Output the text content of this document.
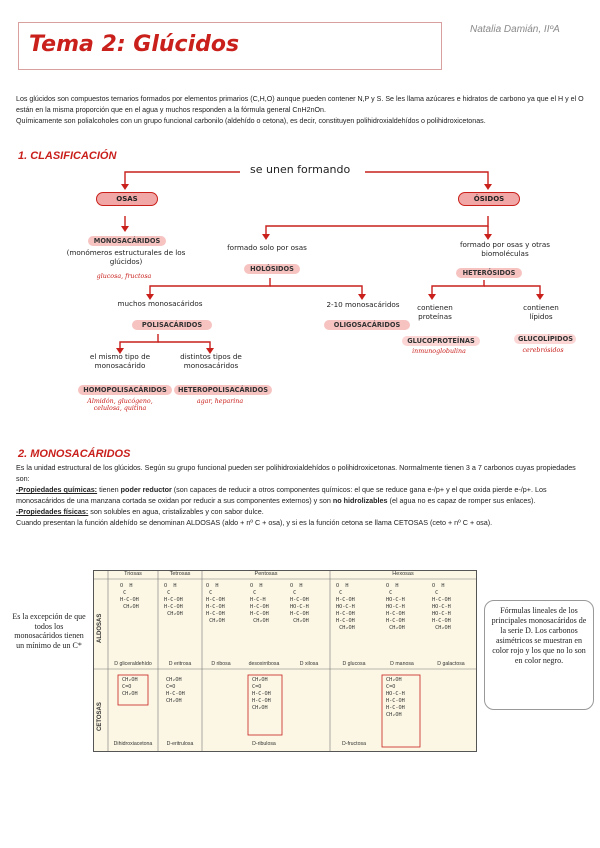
Natalia Damián, IIºA
Tema 2: Glúcidos
Los glúcidos son compuestos ternarios formados por elementos primarios (C,H,O) aunque pueden contener N,P y S. Se les llama azúcares e hidratos de carbono ya que el H y el O están en la misma proporción que en el agua y muchos responden a la fórmula general CnH2nOn.
Químicamente son polialcoholes con un grupo funcional carbonilo (aldehído o cetona), es decir, constituyen polihidroxialdehídos o polihidroxicetonas.
1. CLASIFICACIÓN
se unen formando
OSAS	ÓSIDOS
MONOSACÁRIDOS
(monómeros estructurales de los glúcidos)
glucosa, fructosa
formado solo por osas
HOLÓSIDOS
formado por osas y otras biomoléculas
HETERÓSIDOS
muchos monosacáridos
POLISACÁRIDOS
2-10 monosacáridos
OLIGOSACÁRIDOS
contienen proteínas
GLUCOPROTEÍNAS
inmunoglobulina
contienen lípidos
GLUCOLÍPIDOS
cerebrósidos
el mismo tipo de monosacárido
HOMOPOLISACÁRIDOS
Almidón, glucógeno, celulosa, quitina
distintos tipos de monosacáridos
HETEROPOLISACÁRIDOS
agar, heparina
2. MONOSACÁRIDOS
Es la unidad estructural de los glúcidos. Según su grupo funcional pueden ser polihidroxialdehídos o polihidroxicetonas. Normalmente tienen 3 a 7 carbonos cuyas propiedades son:
-Propiedades químicas: tienen poder reductor (son capaces de reducir a otros componentes químicos: el que se reduce gana e-/p+ y el que oxida pierde e-/p+. Los monosacáridos de una manzana cortada se oxidan por reducir a sus componentes externos) y son no hidrolizables (el agua no es capaz de romper sus enlaces).
-Propiedades físicas: son solubles en agua, cristalizables y con sabor dulce.
Cuando presentan la función aldehído se denominan ALDOSAS (aldo + nº C + osa), y si es la función cetona se llama CETOSAS (ceto + nº C + osa).
Triosas	Tetrosas	Pentosas	Hexosas
ALDOSAS
CETOSAS
O  H
C
H-C-OH
CH₂OH
O  H
C
H-C-OH
H-C-OH
CH₂OH
O  H
C
H-C-OH
H-C-OH
H-C-OH
CH₂OH
O  H
C
H-C-H
H-C-OH
H-C-OH
CH₂OH
O  H
C
H-C-OH
HO-C-H
H-C-OH
CH₂OH
O  H
C
H-C-OH
HO-C-H
H-C-OH
H-C-OH
CH₂OH
O  H
C
HO-C-H
HO-C-H
H-C-OH
H-C-OH
CH₂OH
O  H
C
H-C-OH
HO-C-H
HO-C-H
H-C-OH
CH₂OH
CH₂OH
C=O
CH₂OH
CH₂OH
C=O
H-C-OH
CH₂OH
CH₂OH
C=O
H-C-OH
H-C-OH
CH₂OH
CH₂OH
C=O
HO-C-H
H-C-OH
H-C-OH
CH₂OH
D gliceraldehído	D eritrosa	D ribosa	desoxirribosa	D xilosa	D glucosa	D manosa	D galactosa
Dihidroxiacetona	D-eritrulosa	D-ribulosa	D-fructosa
Es la excepción de que todos los monosacáridos tienen un mínimo de un C*
Fórmulas lineales de los principales monosacáridos de la serie D. Los carbonos asimétricos se muestran en color rojo y los que no lo son en color negro.
